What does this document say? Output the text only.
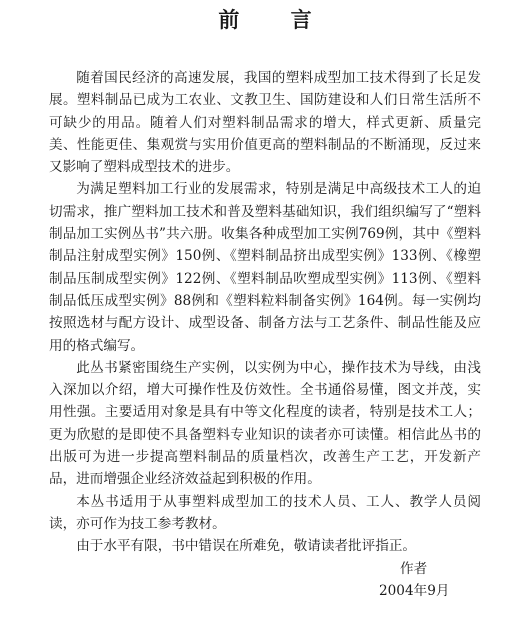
前 言

随着国民经济的高速发展，我国的塑料成型加工技术得到了长足发展。塑料制品已成为工农业、文教卫生、国防建设和人们日常生活所不可缺少的用品。随着人们对塑料制品需求的增大，样式更新、质量完美、性能更佳、集观赏与实用价值更高的塑料制品的不断涌现，反过来又影响了塑料成型技术的进步。

为满足塑料加工行业的发展需求，特别是满足中高级技术工人的迫切需求，推广塑料加工技术和普及塑料基础知识，我们组织编写了“塑料制品加工实例丛书”共六册。收集各种成型加工实例769例，其中《塑料制品注射成型实例》150例、《塑料制品挤出成型实例》133例、《橡塑制品压制成型实例》122例、《塑料制品吹塑成型实例》113例、《塑料制品低压成型实例》88例和《塑料粒料制备实例》164例。每一实例均按照选材与配方设计、成型设备、制备方法与工艺条件、制品性能及应用的格式编写。

此丛书紧密围绕生产实例，以实例为中心，操作技术为导线，由浅入深加以介绍，增大可操作性及仿效性。全书通俗易懂，图文并茂，实用性强。主要适用对象是具有中等文化程度的读者，特别是技术工人；更为欣慰的是即使不具备塑料专业知识的读者亦可读懂。相信此丛书的出版可为进一步提高塑料制品的质量档次，改善生产工艺，开发新产品，进而增强企业经济效益起到积极的作用。

本丛书适用于从事塑料成型加工的技术人员、工人、教学人员阅读，亦可作为技工参考教材。

由于水平有限，书中错误在所难免，敬请读者批评指正。

作者
2004年9月
